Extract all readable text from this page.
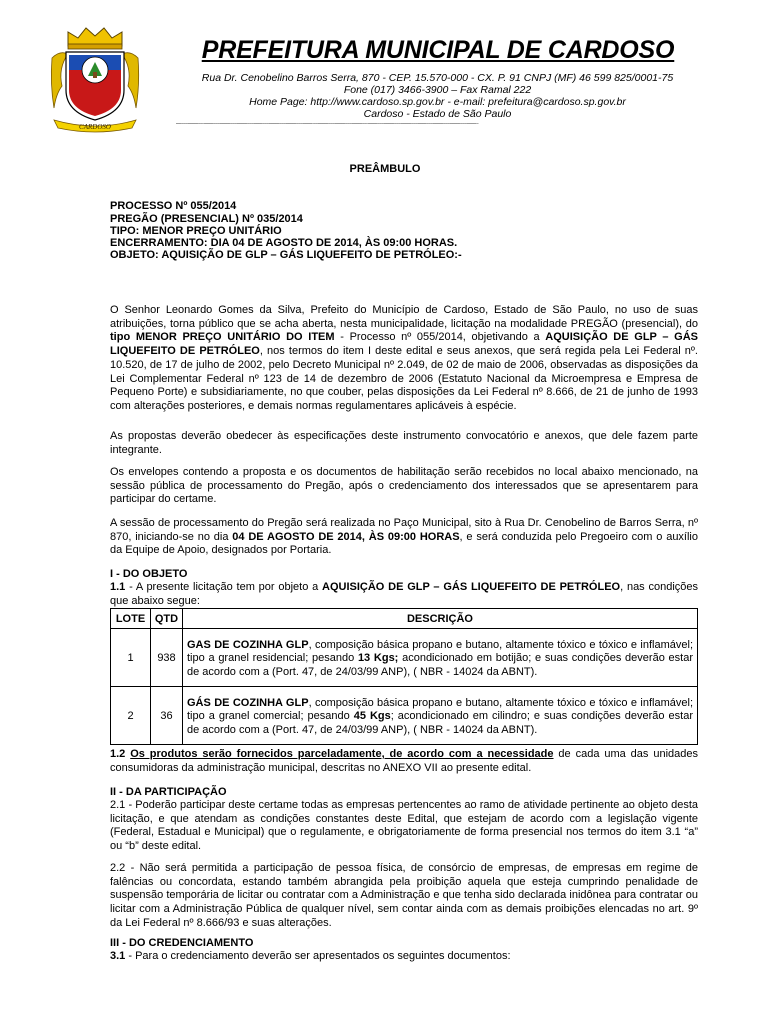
CARDOSO
PREFEITURA MUNICIPAL DE CARDOSO
Rua Dr. Cenobelino Barros Serra, 870 - CEP. 15.570-000 - CX. P. 91 CNPJ (MF) 46 599 825/0001-75
Fone (017) 3466-3900 – Fax Ramal 222
Home Page: http://www.cardoso.sp.gov.br - e-mail: prefeitura@cardoso.sp.gov.br
Cardoso - Estado de São Paulo
""""""""""""""""""""""""""""""""""""""""""""""""""""""""""""""""""""""""""""""""""""""""""""""""""""""""""""""""""""""""""""""""""""""""""""""
PREÂMBULO
PROCESSO Nº 055/2014
PREGÃO (PRESENCIAL) Nº 035/2014
TIPO: MENOR PREÇO UNITÁRIO
ENCERRAMENTO: DIA 04 DE AGOSTO DE 2014, ÀS 09:00 HORAS.
OBJETO: AQUISIÇÃO DE GLP – GÁS LIQUEFEITO DE PETRÓLEO:-
O Senhor Leonardo Gomes da Silva, Prefeito do Município de Cardoso, Estado de São Paulo, no uso de suas atribuições, torna público que se acha aberta, nesta municipalidade, licitação na modalidade PREGÃO (presencial), do tipo MENOR PREÇO UNITÁRIO DO ITEM - Processo nº 055/2014, objetivando a AQUISIÇÃO DE GLP – GÁS LIQUEFEITO DE PETRÓLEO, nos termos do item I deste edital e seus anexos, que será regida pela Lei Federal nº. 10.520, de 17 de julho de 2002, pelo Decreto Municipal nº 2.049, de 02 de maio de 2006, observadas as disposições da Lei Complementar Federal nº 123 de 14 de dezembro de 2006 (Estatuto Nacional da Microempresa e Empresa de Pequeno Porte) e subsidiariamente, no que couber, pelas disposições da Lei Federal nº 8.666, de 21 de junho de 1993 com alterações posteriores, e demais normas regulamentares aplicáveis à espécie.
As propostas deverão obedecer às especificações deste instrumento convocatório e anexos, que dele fazem parte integrante.
Os envelopes contendo a proposta e os documentos de habilitação serão recebidos no local abaixo mencionado, na sessão pública de processamento do Pregão, após o credenciamento dos interessados que se apresentarem para participar do certame.
A sessão de processamento do Pregão será realizada no Paço Municipal, sito à Rua Dr. Cenobelino de Barros Serra, nº 870, iniciando-se no dia 04 DE AGOSTO DE 2014, ÀS 09:00 HORAS, e será conduzida pelo Pregoeiro com o auxílio da Equipe de Apoio, designados por Portaria.
I - DO OBJETO
1.1 - A presente licitação tem por objeto a AQUISIÇÃO DE GLP – GÁS LIQUEFEITO DE PETRÓLEO, nas condições que abaixo segue:
LOTE	QTD	DESCRIÇÃO
1	938	GAS DE COZINHA GLP, composição básica propano e butano, altamente tóxico e tóxico e inflamável; tipo a granel residencial; pesando 13 Kgs; acondicionado em botijão; e suas condições deverão estar de acordo com a (Port. 47, de 24/03/99 ANP), ( NBR - 14024 da ABNT).
2	36	GÁS DE COZINHA GLP, composição básica propano e butano, altamente tóxico e tóxico e inflamável; tipo a granel comercial; pesando 45 Kgs; acondicionado em cilindro; e suas condições deverão estar de acordo com a (Port. 47, de 24/03/99 ANP), ( NBR - 14024 da ABNT).
1.2 Os produtos serão fornecidos parceladamente, de acordo com a necessidade de cada uma das unidades consumidoras da administração municipal, descritas no ANEXO VII ao presente edital.
II - DA PARTICIPAÇÃO
2.1 - Poderão participar deste certame todas as empresas pertencentes ao ramo de atividade pertinente ao objeto desta licitação, e que atendam as condições constantes deste Edital, que estejam de acordo com a legislação vigente (Federal, Estadual e Municipal) que o regulamente, e obrigatoriamente de forma presencial nos termos do item 3.1 “a” ou “b” deste edital.
2.2 - Não será permitida a participação de pessoa física, de consórcio de empresas, de empresas em regime de falências ou concordata, estando também abrangida pela proibição aquela que esteja cumprindo penalidade de suspensão temporária de licitar ou contratar com a Administração e que tenha sido declarada inidônea para contratar ou licitar com a Administração Pública de qualquer nível, sem contar ainda com as demais proibições elencadas no art. 9º da Lei Federal nº 8.666/93 e suas alterações.
III - DO CREDENCIAMENTO
3.1 - Para o credenciamento deverão ser apresentados os seguintes documentos:
